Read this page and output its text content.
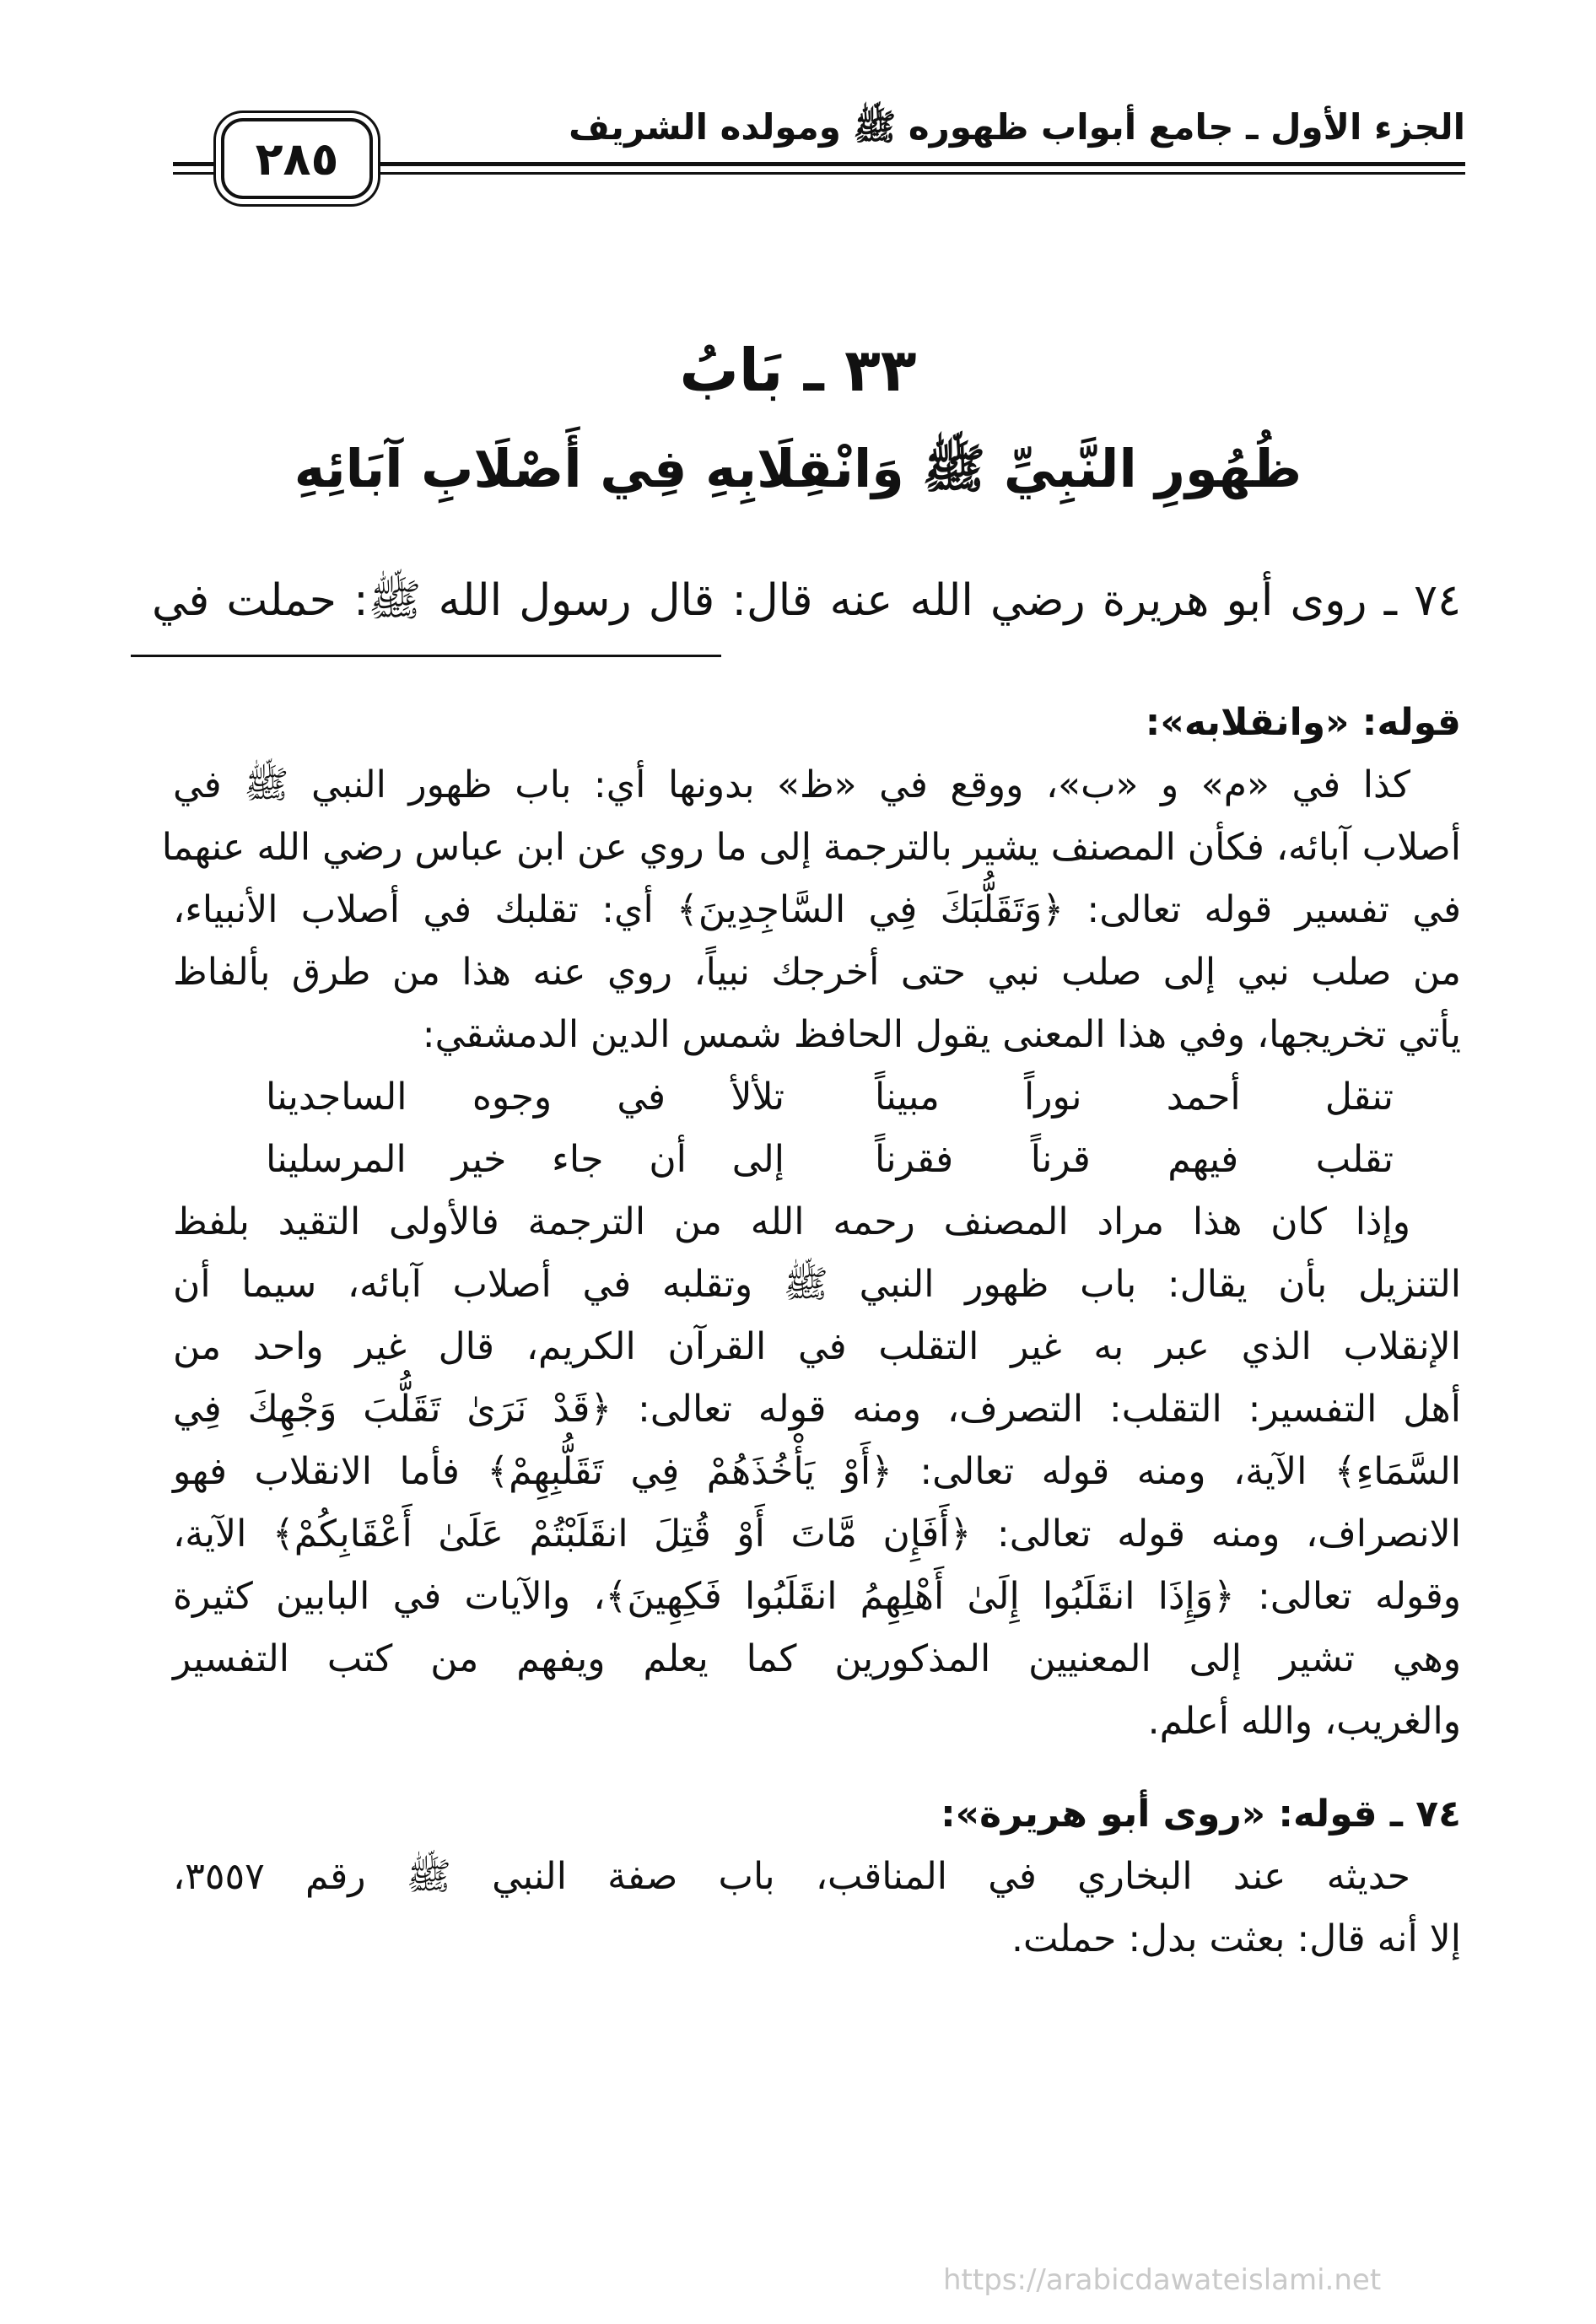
الجزء الأول ـ جامع أبواب ظهوره ﷺ ومولده الشريف
٢٨٥
٣٣ ـ بَابُ
ظُهُورِ النَّبِيِّ ﷺ وَانْقِلَابِهِ فِي أَصْلَابِ آبَائِهِ
٧٤ ـ روى أبو هريرة رضي الله عنه قال: قال رسول الله ﷺ: حملت في

قوله: «وانقلابه»:

كذا في «م» و «ب»، ووقع في «ظ» بدونها أي: باب ظهور النبي ﷺ في
أصلاب آبائه، فكأن المصنف يشير بالترجمة إلى ما روي عن ابن عباس رضي الله عنهما
في تفسير قوله تعالى: ﴿وَتَقَلُّبَكَ فِي السَّاجِدِينَ﴾ أي: تقلبك في أصلاب الأنبياء،
من صلب نبي إلى صلب نبي حتى أخرجك نبياً، روي عنه هذا من طرق بألفاظ
يأتي تخريجها، وفي هذا المعنى يقول الحافظ شمس الدين الدمشقي:
تنقل أحمد نوراً مبيناً
تلألأ في وجوه الساجدينا
تقلب فيهم قرناً فقرناً
إلى أن جاء خير المرسلينا
وإذا كان هذا مراد المصنف رحمه الله من الترجمة فالأولى التقيد بلفظ
التنزيل بأن يقال: باب ظهور النبي ﷺ وتقلبه في أصلاب آبائه، سيما أن
الإنقلاب الذي عبر به غير التقلب في القرآن الكريم، قال غير واحد من
أهل التفسير: التقلب: التصرف، ومنه قوله تعالى: ﴿قَدْ نَرَىٰ تَقَلُّبَ وَجْهِكَ فِي
السَّمَاءِ﴾ الآية، ومنه قوله تعالى: ﴿أَوْ يَأْخُذَهُمْ فِي تَقَلُّبِهِمْ﴾ فأما الانقلاب فهو
الانصراف، ومنه قوله تعالى: ﴿أَفَإِن مَّاتَ أَوْ قُتِلَ انقَلَبْتُمْ عَلَىٰ أَعْقَابِكُمْ﴾ الآية،
وقوله تعالى: ﴿وَإِذَا انقَلَبُوا إِلَىٰ أَهْلِهِمُ انقَلَبُوا فَكِهِينَ﴾، والآيات في البابين كثيرة
وهي تشير إلى المعنيين المذكورين كما يعلم ويفهم من كتب التفسير
والغريب، والله أعلم.

٧٤ ـ قوله: «روى أبو هريرة»:

حديثه عند البخاري في المناقب، باب صفة النبي ﷺ رقم ٣٥٥٧،
إلا أنه قال: بعثت بدل: حملت.
https://arabicdawateislami.net
